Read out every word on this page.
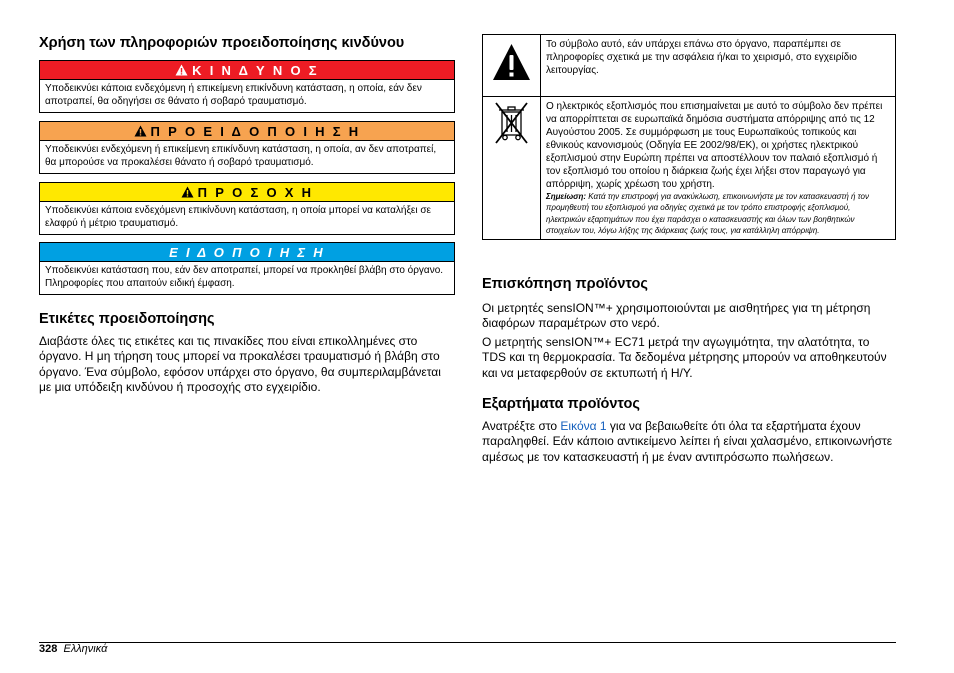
Χρήση των πληροφοριών προειδοποίησης κινδύνου
Κ Ι Ν Δ Υ Ν Ο Σ
Υποδεικνύει κάποια ενδεχόμενη ή επικείμενη επικίνδυνη κατάσταση, η οποία, εάν δεν αποτραπεί, θα οδηγήσει σε θάνατο ή σοβαρό τραυματισμό.
Π Ρ Ο Ε Ι Δ Ο Π Ο Ι Η Σ Η
Υποδεικνύει ενδεχόμενη ή επικείμενη επικίνδυνη κατάσταση, η οποία, αν δεν αποτραπεί, θα μπορούσε να προκαλέσει θάνατο ή σοβαρό τραυματισμό.
Π Ρ Ο Σ Ο Χ Η
Υποδεικνύει κάποια ενδεχόμενη επικίνδυνη κατάσταση, η οποία μπορεί να καταλήξει σε ελαφρύ ή μέτριο τραυματισμό.
Ε Ι Δ Ο Π Ο Ι Η Σ Η
Υποδεικνύει κατάσταση που, εάν δεν αποτραπεί, μπορεί να προκληθεί βλάβη στο όργανο. Πληροφορίες που απαιτούν ειδική έμφαση.
Ετικέτες προειδοποίησης

Διαβάστε όλες τις ετικέτες και τις πινακίδες που είναι επικολλημένες στο όργανο. Η μη τήρηση τους μπορεί να προκαλέσει τραυματισμό ή βλάβη στο όργανο. Ένα σύμβολο, εφόσον υπάρχει στο όργανο, θα συμπεριλαμβάνεται με μια υπόδειξη κινδύνου ή προσοχής στο εγχειρίδιο.

	Το σύμβολο αυτό, εάν υπάρχει επάνω στο όργανο, παραπέμπει σε πληροφορίες σχετικά με την ασφάλεια ή/και το χειρισμό, στο εγχειρίδιο λειτουργίας.

Ο ηλεκτρικός εξοπλισμός που επισημαίνεται με αυτό το σύμβολο δεν πρέπει να απορρίπτεται σε ευρωπαϊκά δημόσια συστήματα απόρριψης από τις 12 Αυγούστου 2005. Σε συμμόρφωση με τους Ευρωπαϊκούς τοπικούς και εθνικούς κανονισμούς (Οδηγία ΕΕ 2002/98/ΕΚ), οι χρήστες ηλεκτρικού εξοπλισμού στην Ευρώπη πρέπει να αποστέλλουν τον παλαιό εξοπλισμό ή τον εξοπλισμό του οποίου η διάρκεια ζωής έχει λήξει στον παραγωγό για απόρριψη, χωρίς χρέωση του χρήστη.
Σημείωση: Κατά την επιστροφή για ανακύκλωση, επικοινωνήστε με τον κατασκευαστή ή τον προμηθευτή του εξοπλισμού για οδηγίες σχετικά με τον τρόπο επιστροφής εξοπλισμού, ηλεκτρικών εξαρτημάτων που έχει παράσχει ο κατασκευαστής και όλων των βοηθητικών στοιχείων του, λόγω λήξης της διάρκειας ζωής τους, για κατάλληλη απόρριψη.
Επισκόπηση προϊόντος

Οι μετρητές sensION™+ χρησιμοποιούνται με αισθητήρες για τη μέτρηση διαφόρων παραμέτρων στο νερό.

Ο μετρητής sensION™+ EC71 μετρά την αγωγιμότητα, την αλατότητα, το TDS και τη θερμοκρασία. Τα δεδομένα μέτρησης μπορούν να αποθηκευτούν και να μεταφερθούν σε εκτυπωτή ή Η/Υ.

Εξαρτήματα προϊόντος

Ανατρέξτε στο Εικόνα 1 για να βεβαιωθείτε ότι όλα τα εξαρτήματα έχουν παραληφθεί. Εάν κάποιο αντικείμενο λείπει ή είναι χαλασμένο, επικοινωνήστε αμέσως με τον κατασκευαστή ή με έναν αντιπρόσωπο πωλήσεων.

328 Ελληνικά
